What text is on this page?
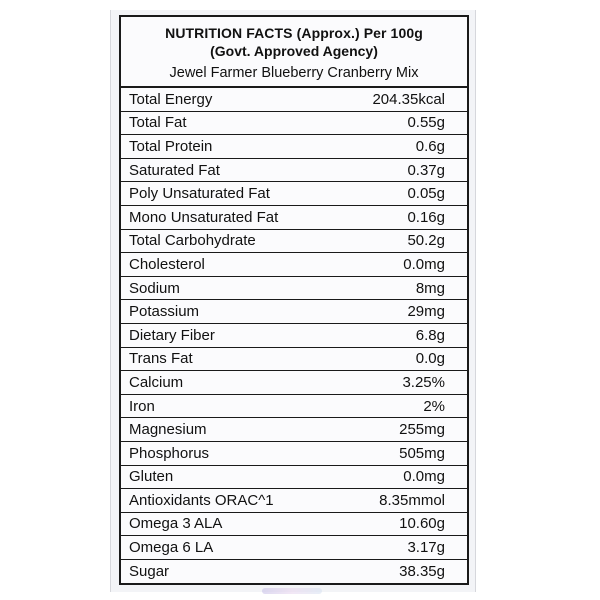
NUTRITION FACTS (Approx.) Per 100g
(Govt. Approved Agency)
Jewel Farmer Blueberry Cranberry Mix
Total Energy	204.35kcal
Total Fat	0.55g
Total Protein	0.6g
Saturated Fat	0.37g
Poly Unsaturated Fat	0.05g
Mono Unsaturated Fat	0.16g
Total Carbohydrate	50.2g
Cholesterol	0.0mg
Sodium	8mg
Potassium	29mg
Dietary Fiber	6.8g
Trans Fat	0.0g
Calcium	3.25%
Iron	2%
Magnesium	255mg
Phosphorus	505mg
Gluten	0.0mg
Antioxidants ORAC^1	8.35mmol
Omega 3 ALA	10.60g
Omega 6 LA	3.17g
Sugar	38.35g
